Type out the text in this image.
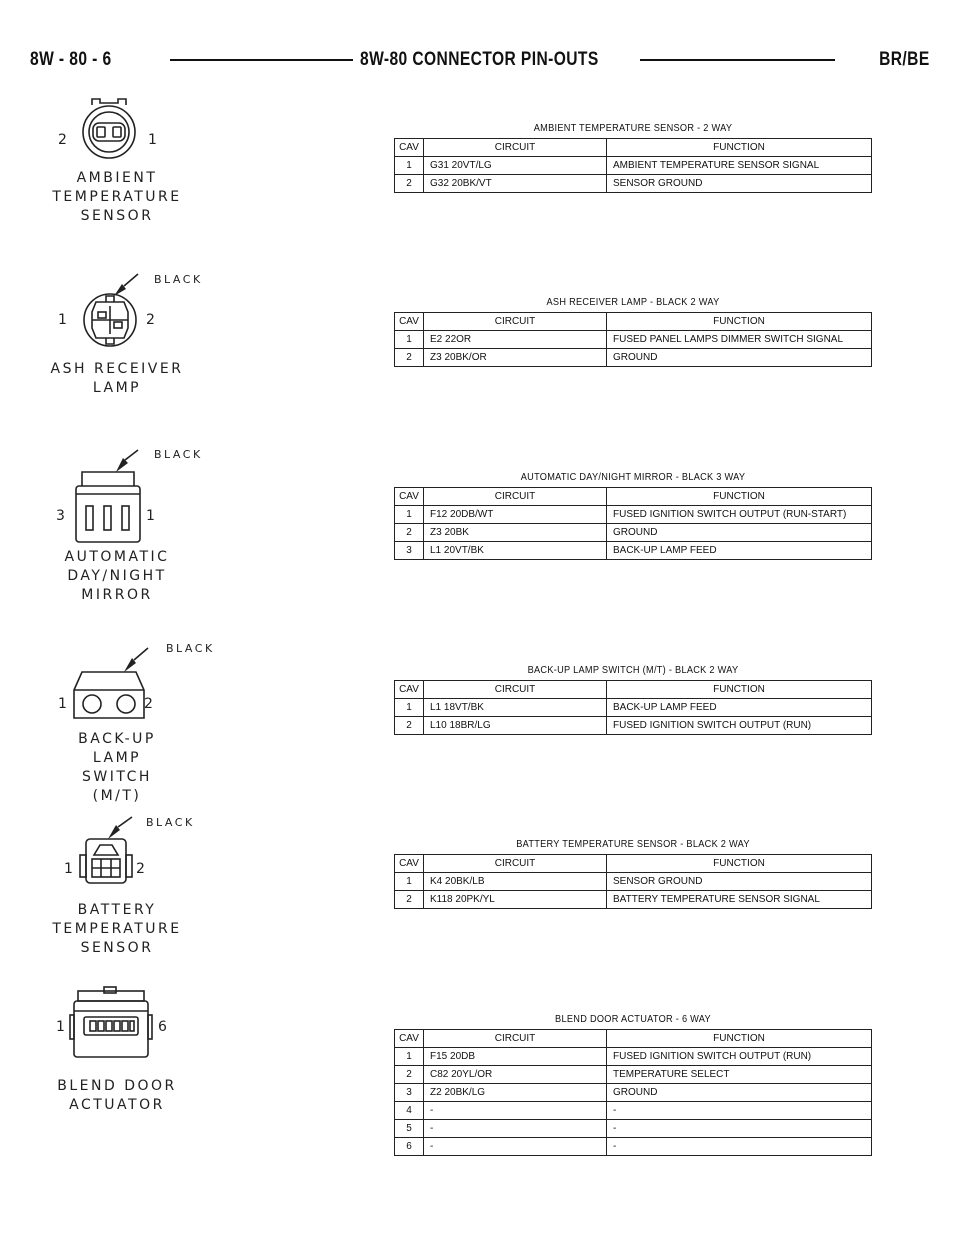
8W - 80 - 6	8W-80 CONNECTOR PIN-OUTS	BR/BE
2	1
AMBIENT
TEMPERATURE
SENSOR
BLACK
1	2
ASH RECEIVER
LAMP
BLACK
3	1
AUTOMATIC
DAY/NIGHT
MIRROR
BLACK
1	2
BACK-UP
LAMP
SWITCH
(M/T)
BLACK
1	2
BATTERY
TEMPERATURE
SENSOR
1	6
BLEND DOOR
ACTUATOR
AMBIENT TEMPERATURE SENSOR - 2 WAY
CAV	CIRCUIT	FUNCTION
1	G31 20VT/LG	AMBIENT TEMPERATURE SENSOR SIGNAL
2	G32 20BK/VT	SENSOR GROUND
ASH RECEIVER LAMP - BLACK 2 WAY
CAV	CIRCUIT	FUNCTION
1	E2 22OR	FUSED PANEL LAMPS DIMMER SWITCH SIGNAL
2	Z3 20BK/OR	GROUND
AUTOMATIC DAY/NIGHT MIRROR - BLACK 3 WAY
CAV	CIRCUIT	FUNCTION
1	F12 20DB/WT	FUSED IGNITION SWITCH OUTPUT (RUN-START)
2	Z3 20BK	GROUND
3	L1 20VT/BK	BACK-UP LAMP FEED
BACK-UP LAMP SWITCH (M/T) - BLACK 2 WAY
CAV	CIRCUIT	FUNCTION
1	L1 18VT/BK	BACK-UP LAMP FEED
2	L10 18BR/LG	FUSED IGNITION SWITCH OUTPUT (RUN)
BATTERY TEMPERATURE SENSOR - BLACK 2 WAY
CAV	CIRCUIT	FUNCTION
1	K4 20BK/LB	SENSOR GROUND
2	K118 20PK/YL	BATTERY TEMPERATURE SENSOR SIGNAL
BLEND DOOR ACTUATOR - 6 WAY
CAV	CIRCUIT	FUNCTION
1	F15 20DB	FUSED IGNITION SWITCH OUTPUT (RUN)
2	C82 20YL/OR	TEMPERATURE SELECT
3	Z2 20BK/LG	GROUND
4	-	-
5	-	-
6	-	-
